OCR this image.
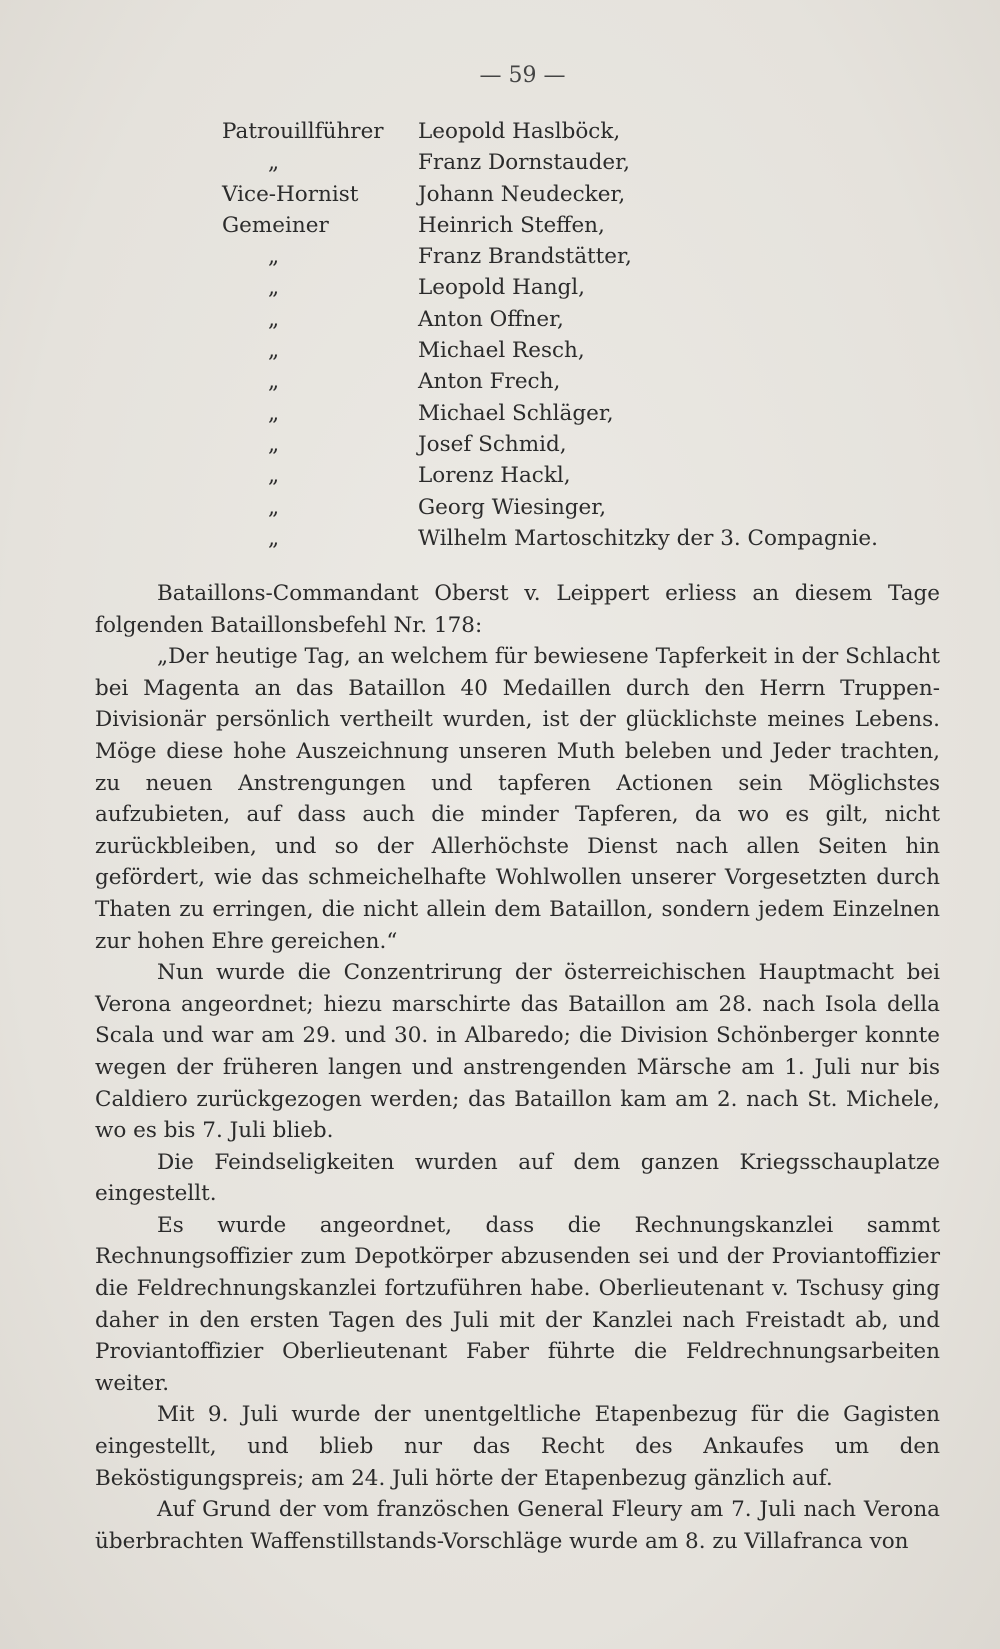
— 59 —
Patrouillführer	Leopold Haslböck,
„	Franz Dornstauder,
Vice-Hornist	Johann Neudecker,
Gemeiner	Heinrich Steffen,
„	Franz Brandstätter,
„	Leopold Hangl,
„	Anton Offner,
„	Michael Resch,
„	Anton Frech,
„	Michael Schläger,
„	Josef Schmid,
„	Lorenz Hackl,
„	Georg Wiesinger,
„	Wilhelm Martoschitzky der 3. Compagnie.

Bataillons-Commandant Oberst v. Leippert erliess an diesem Tage folgenden Bataillonsbefehl Nr. 178:

„Der heutige Tag, an welchem für bewiesene Tapferkeit in der Schlacht bei Magenta an das Bataillon 40 Medaillen durch den Herrn Truppen-Divisionär persönlich vertheilt wurden, ist der glücklichste meines Lebens. Möge diese hohe Auszeichnung unseren Muth beleben und Jeder trachten, zu neuen Anstrengungen und tapferen Actionen sein Möglichstes aufzubieten, auf dass auch die minder Tapferen, da wo es gilt, nicht zurückbleiben, und so der Allerhöchste Dienst nach allen Seiten hin gefördert, wie das schmeichelhafte Wohlwollen unserer Vorgesetzten durch Thaten zu erringen, die nicht allein dem Bataillon, sondern jedem Einzelnen zur hohen Ehre gereichen.“

Nun wurde die Conzentrirung der österreichischen Hauptmacht bei Verona angeordnet; hiezu marschirte das Bataillon am 28. nach Isola della Scala und war am 29. und 30. in Albaredo; die Division Schönberger konnte wegen der früheren langen und anstrengenden Märsche am 1. Juli nur bis Caldiero zurückgezogen werden; das Bataillon kam am 2. nach St. Michele, wo es bis 7. Juli blieb.

Die Feindseligkeiten wurden auf dem ganzen Kriegsschauplatze eingestellt.

Es wurde angeordnet, dass die Rechnungskanzlei sammt Rechnungsoffizier zum Depotkörper abzusenden sei und der Proviantoffizier die Feldrechnungskanzlei fortzuführen habe. Oberlieutenant v. Tschusy ging daher in den ersten Tagen des Juli mit der Kanzlei nach Freistadt ab, und Proviantoffizier Oberlieutenant Faber führte die Feldrechnungsarbeiten weiter.

Mit 9. Juli wurde der unentgeltliche Etapenbezug für die Gagisten eingestellt, und blieb nur das Recht des Ankaufes um den Beköstigungspreis; am 24. Juli hörte der Etapenbezug gänzlich auf.

Auf Grund der vom französchen General Fleury am 7. Juli nach Verona überbrachten Waffenstillstands-Vorschläge wurde am 8. zu Villafranca von
